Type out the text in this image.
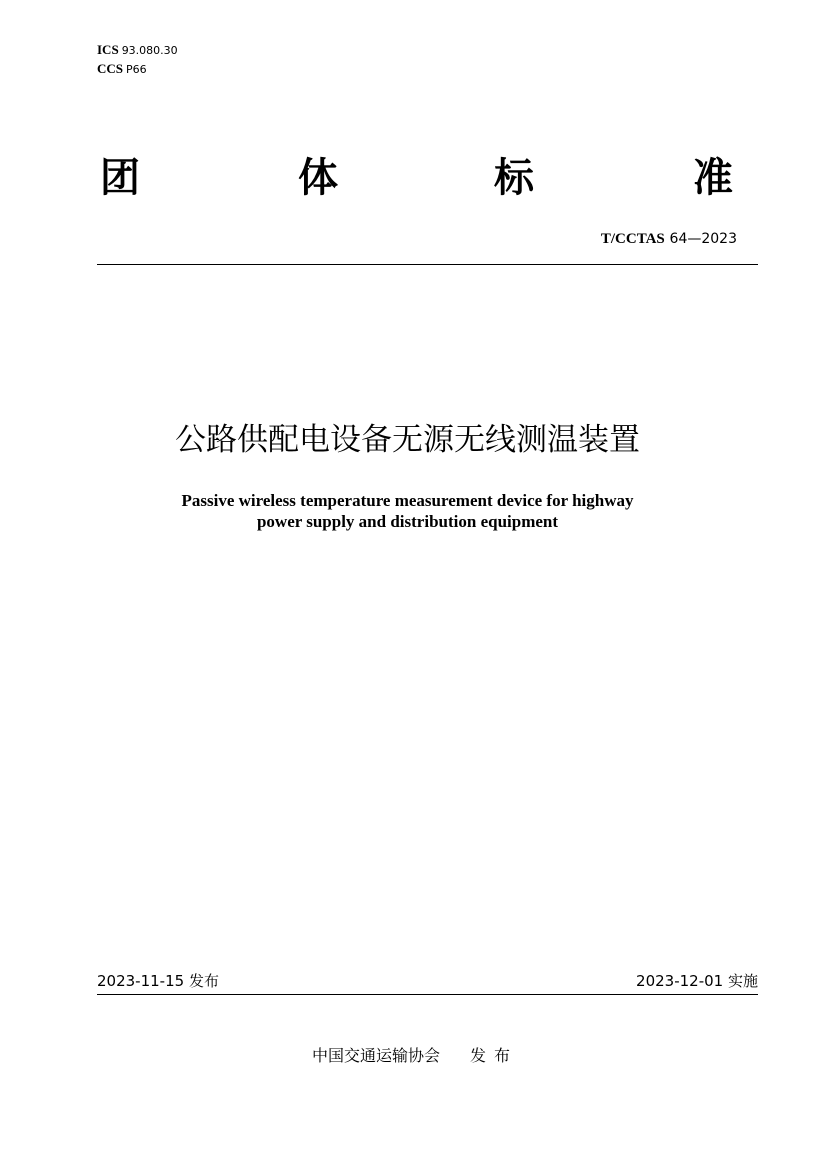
ICS 93.080.30
CCS P66
团	体	标	准
T/CCTAS 64—2023
公路供配电设备无源无线测温装置
Passive wireless temperature measurement device for highway
power supply and distribution equipment
2023-11-15 发布	2023-12-01 实施
中国交通运输协会 发布
